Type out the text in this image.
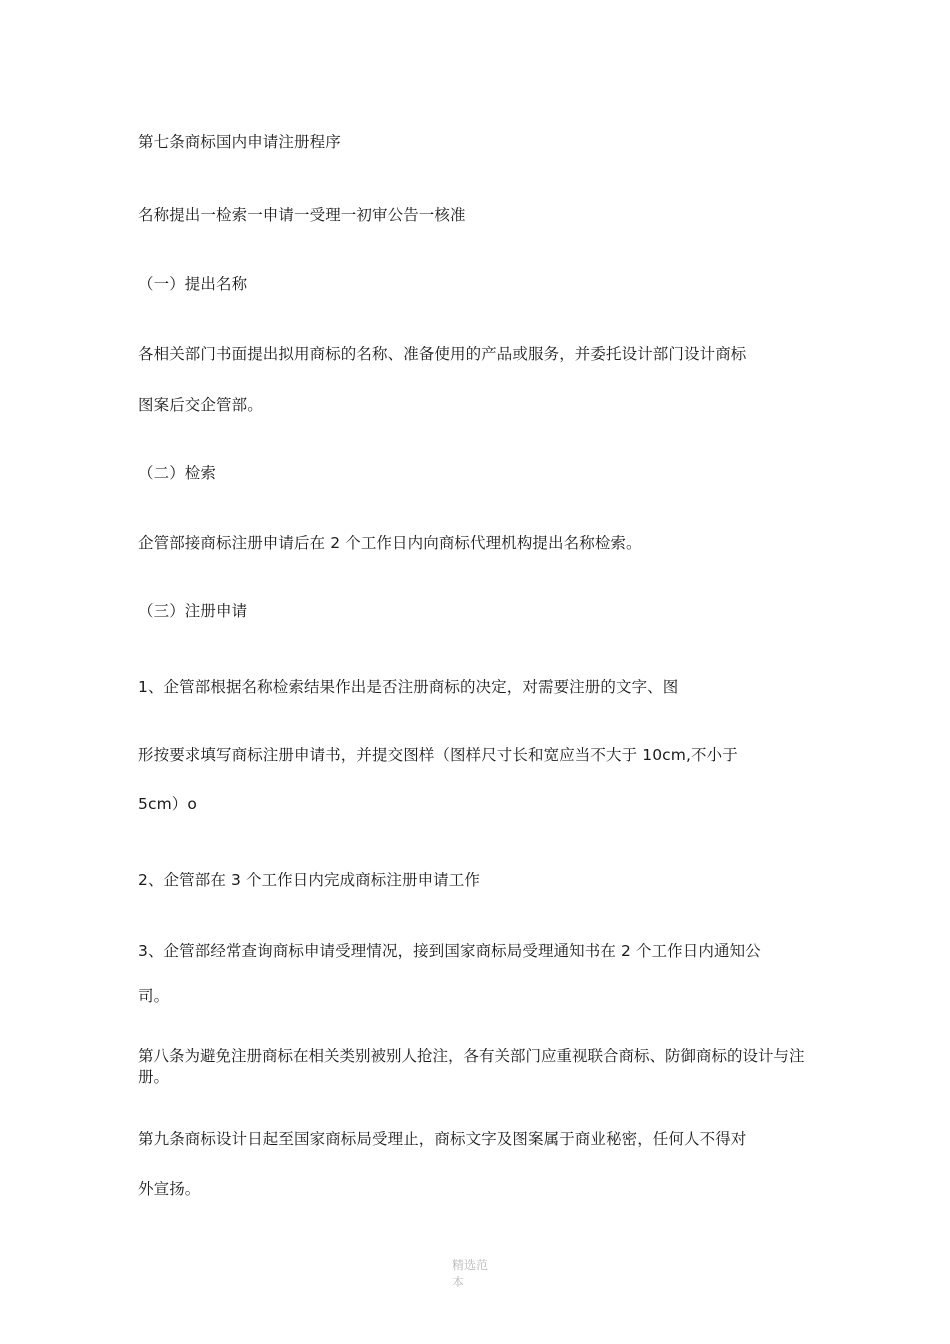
第七条商标国内申请注册程序
名称提出一检索一申请一受理一初审公告一核准
（一）提出名称
各相关部门书面提出拟用商标的名称、准备使用的产品或服务，并委托设计部门设计商标
图案后交企管部。
（二）检索
企管部接商标注册申请后在 2 个工作日内向商标代理机构提出名称检索。
（三）注册申请
1、企管部根据名称检索结果作出是否注册商标的决定，对需要注册的文字、图
形按要求填写商标注册申请书，并提交图样（图样尺寸长和宽应当不大于 10cm,不小于
5cm）o
2、企管部在 3 个工作日内完成商标注册申请工作
3、企管部经常查询商标申请受理情况，接到国家商标局受理通知书在 2 个工作日内通知公
司。
第八条为避免注册商标在相关类别被别人抢注，各有关部门应重视联合商标、防御商标的设计与注册。
第九条商标设计日起至国家商标局受理止，商标文字及图案属于商业秘密，任何人不得对
外宣扬。
精选范本
